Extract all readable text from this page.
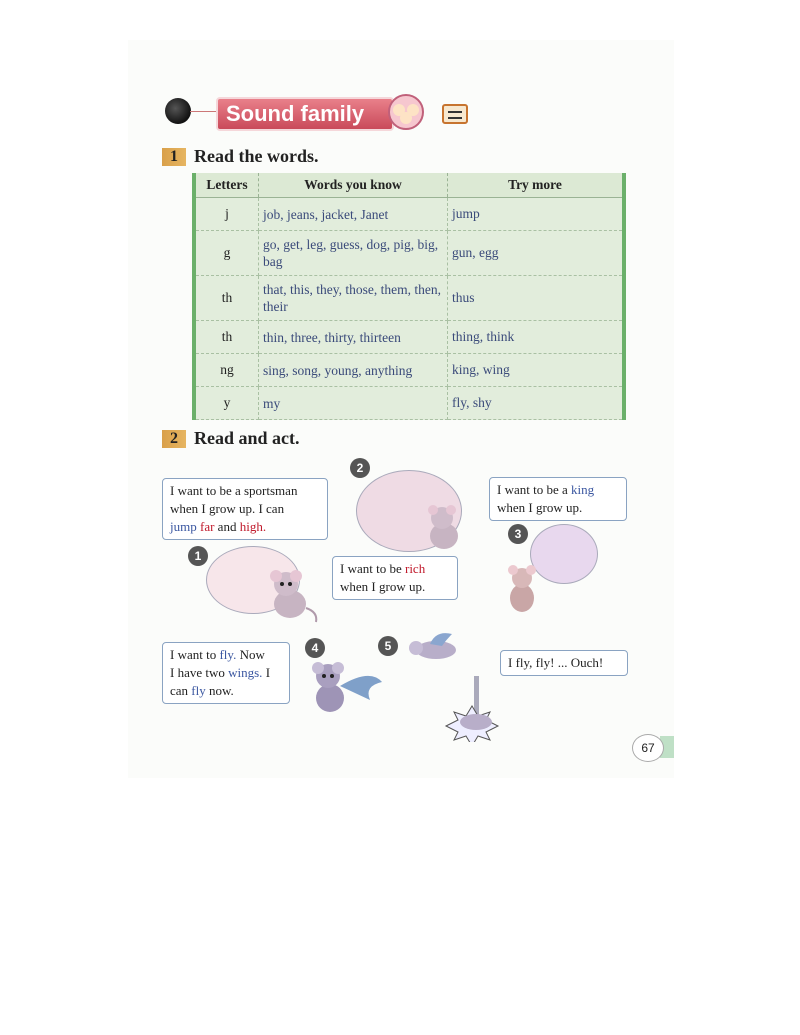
Sound family
1 Read the words.
Letters	Words you know	Try more
j	job, jeans, jacket, Janet	jump
g	go, get, leg, guess, dog, pig, big, bag	gun, egg
th	that, this, they, those, them, then, their	thus
th	thin, three, thirty, thirteen	thing, think
ng	sing, song, young, anything	king, wing
y	my	fly, shy
2 Read and act.
I want to be a sportsman
when I grow up. I can
jump far and high.
1
2
I want to be rich
when I grow up.
I want to be a king
when I grow up.
3
I want to fly. Now
I have two wings. I
can fly now.
4	5
I fly, fly! ... Ouch!
67
